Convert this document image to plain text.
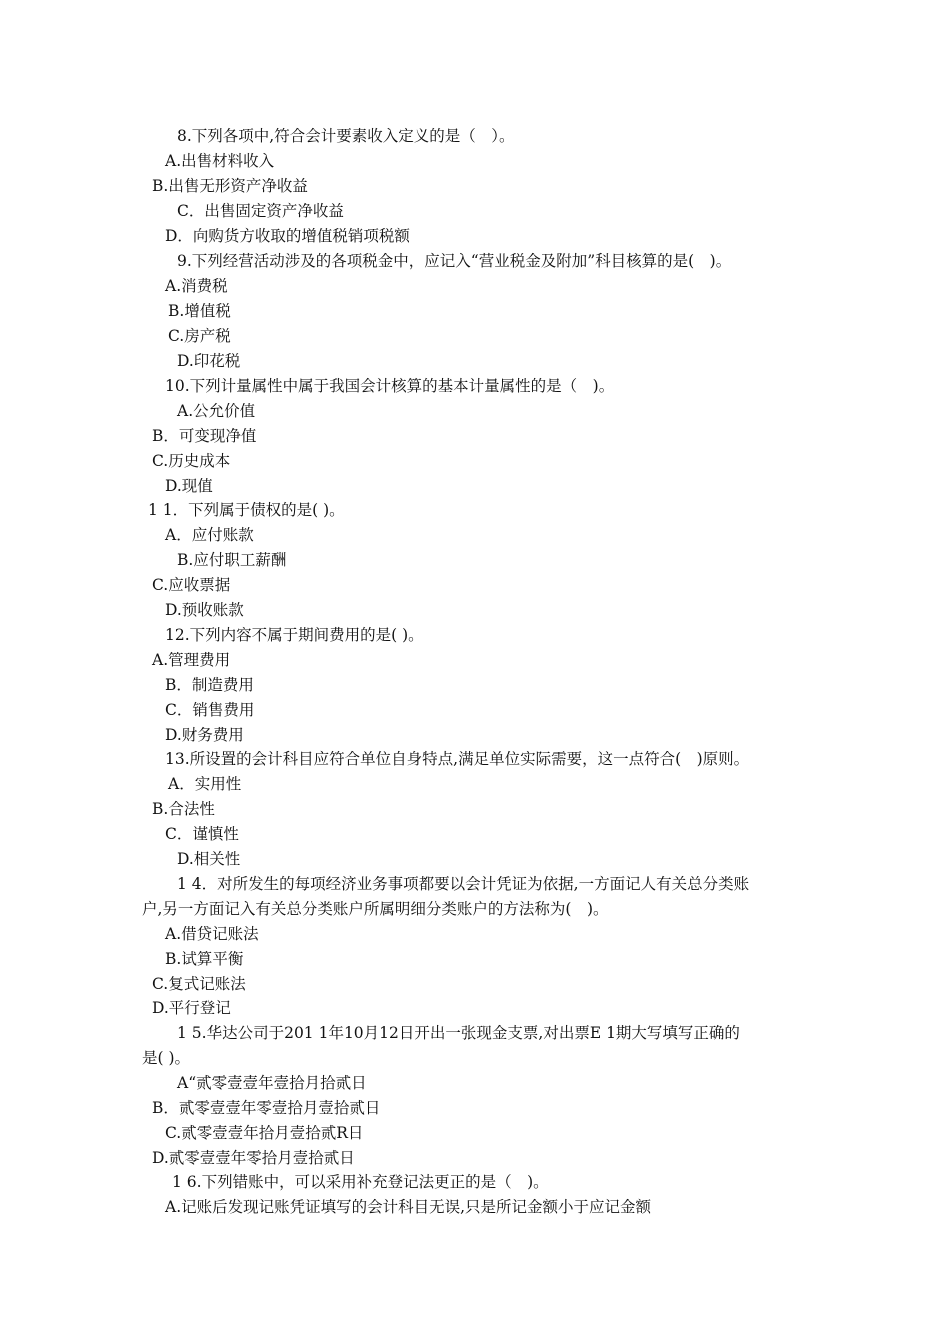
8.下列各项中,符合会计要素收入定义的是（　）。
A.出售材料收入
B.出售无形资产净收益
C．出售固定资产净收益
D．向购货方收取的增值税销项税额
9.下列经营活动涉及的各项税金中，应记入“营业税金及附加”科目核算的是(　)。
A.消费税
B.增值税
C.房产税
D.印花税
10.下列计量属性中属于我国会计核算的基本计量属性的是（　)。
A.公允价值
B．可变现净值
C.历史成本
D.现值
1 1．下列属于债权的是( )。
A．应付账款
B.应付职工薪酬
C.应收票据
D.预收账款
12.下列内容不属于期间费用的是( )。
A.管理费用
B．制造费用
C．销售费用
D.财务费用
13.所设置的会计科目应符合单位自身特点,满足单位实际需要，这一点符合(　)原则。
A．实用性
B.合法性
C．谨慎性
D.相关性
1 4．对所发生的每项经济业务事项都要以会计凭证为依据,一方面记人有关总分类账
户,另一方面记入有关总分类账户所属明细分类账户的方法称为(　)。
A.借贷记账法
B.试算平衡
C.复式记账法
D.平行登记
1 5.华达公司于201 1年10月12日开出一张现金支票,对出票E 1期大写填写正确的
是( )。
A“贰零壹壹年壹拾月拾贰日
B．贰零壹壹年零壹拾月壹拾贰日
C.贰零壹壹年拾月壹拾贰R日
D.贰零壹壹年零拾月壹拾贰日
1 6.下列错账中，可以采用补充登记法更正的是（　)。
A.记账后发现记账凭证填写的会计科目无误,只是所记金额小于应记金额
